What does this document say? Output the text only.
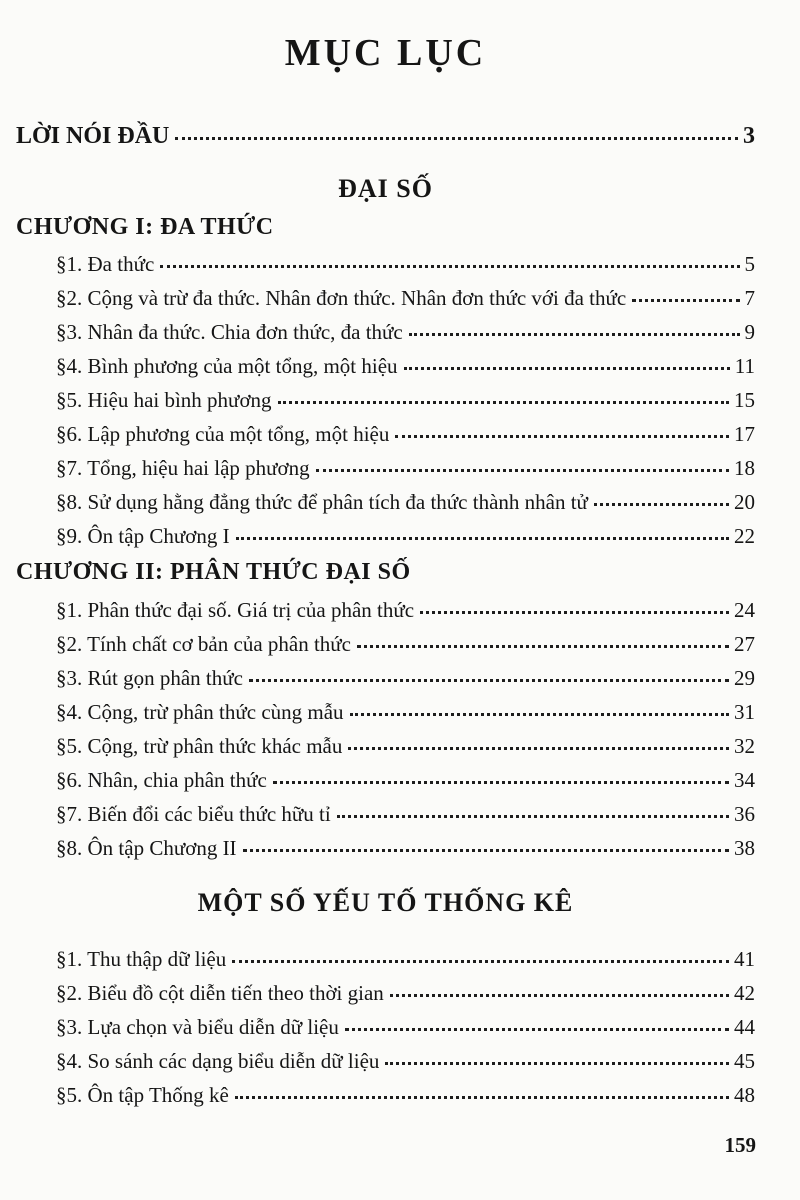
MỤC LỤC
LỜI NÓI ĐẦU	3
ĐẠI SỐ
CHƯƠNG I: ĐA THỨC
§1. Đa thức	5
§2. Cộng và trừ đa thức. Nhân đơn thức. Nhân đơn thức với đa thức	7
§3. Nhân đa thức. Chia đơn thức, đa thức	9
§4. Bình phương của một tổng, một hiệu	11
§5. Hiệu hai bình phương	15
§6. Lập phương của một tổng, một hiệu	17
§7. Tổng, hiệu hai lập phương	18
§8. Sử dụng hằng đẳng thức để phân tích đa thức thành nhân tử	20
§9. Ôn tập Chương I	22
CHƯƠNG II: PHÂN THỨC ĐẠI SỐ
§1. Phân thức đại số. Giá trị của phân thức	24
§2. Tính chất cơ bản của phân thức	27
§3. Rút gọn phân thức	29
§4. Cộng, trừ phân thức cùng mẫu	31
§5. Cộng, trừ phân thức khác mẫu	32
§6. Nhân, chia phân thức	34
§7. Biến đổi các biểu thức hữu tỉ	36
§8. Ôn tập Chương II	38
MỘT SỐ YẾU TỐ THỐNG KÊ
§1. Thu thập dữ liệu	41
§2. Biểu đồ cột diễn tiến theo thời gian	42
§3. Lựa chọn và biểu diễn dữ liệu	44
§4. So sánh các dạng biểu diễn dữ liệu	45
§5. Ôn tập Thống kê	48
159
